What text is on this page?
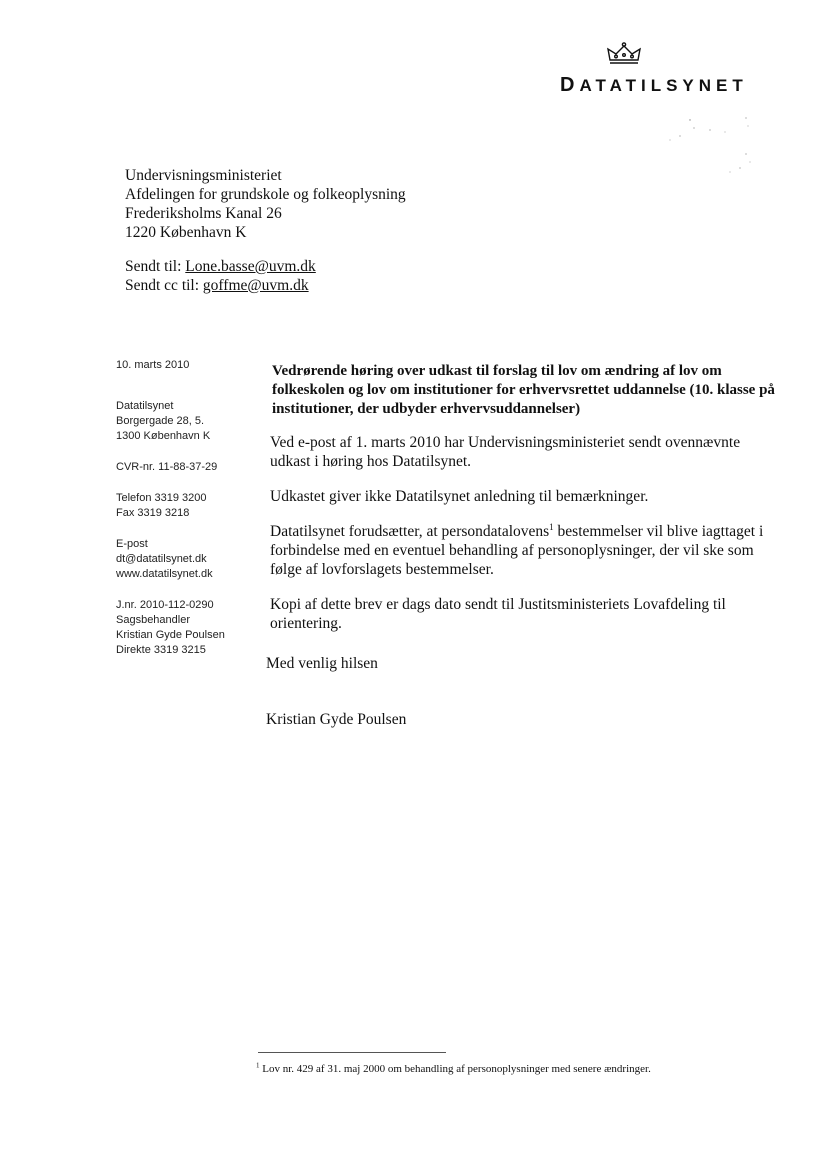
DATATILSYNET
Undervisningsministeriet
Afdelingen for grundskole og folkeoplysning
Frederiksholms Kanal 26
1220 København K
Sendt til: Lone.basse@uvm.dk
Sendt cc til: goffme@uvm.dk
10. marts 2010
Datatilsynet
Borgergade 28, 5.
1300 København K
CVR-nr. 11-88-37-29
Telefon 3319 3200
Fax 3319 3218
E-post
dt@datatilsynet.dk
www.datatilsynet.dk
J.nr. 2010-112-0290
Sagsbehandler
Kristian Gyde Poulsen
Direkte 3319 3215
Vedrørende høring over udkast til forslag til lov om ændring af lov om folkeskolen og lov om institutioner for erhvervsrettet uddannelse (10. klasse på institutioner, der udbyder erhvervsuddannelser)

Ved e-post af 1. marts 2010 har Undervisningsministeriet sendt ovennævnte udkast i høring hos Datatilsynet.

Udkastet giver ikke Datatilsynet anledning til bemærkninger.

Datatilsynet forudsætter, at persondatalovens$^1$ bestemmelser vil blive iagttaget i forbindelse med en eventuel behandling af personoplysninger, der vil ske som følge af lovforslagets bestemmelser.

Kopi af dette brev er dags dato sendt til Justitsministeriets Lovafdeling til orientering.

Med venlig hilsen
Kristian Gyde Poulsen
$^1$ Lov nr. 429 af 31. maj 2000 om behandling af personoplysninger med senere ændringer.
